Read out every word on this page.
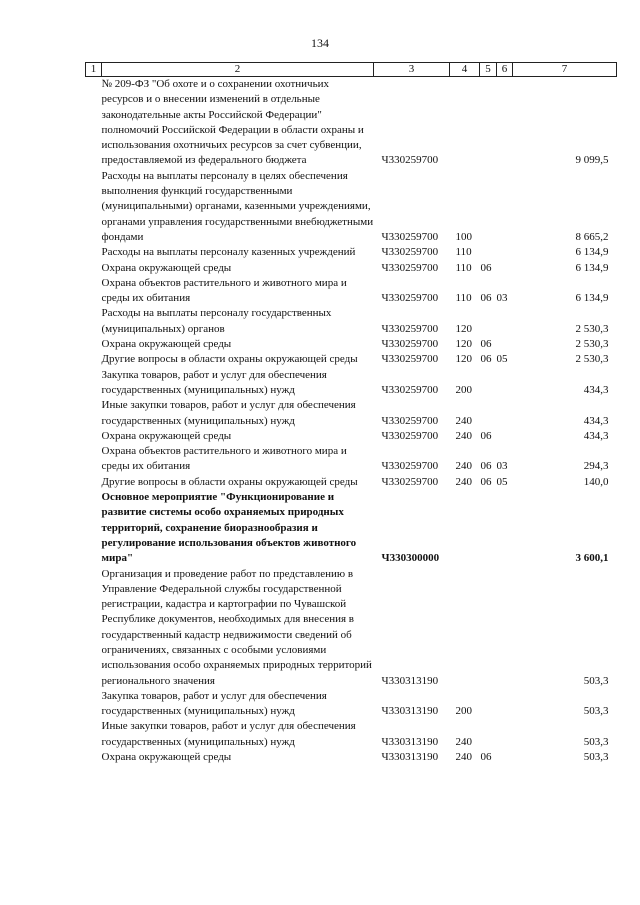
134
1	2	3	4	5	6	7
	№ 209-ФЗ "Об охоте и о сохранении охотничьих ресурсов и о внесении изменений в отдельные законодательные акты Российской Федерации" полномочий Российской Федерации в области охраны и использования охотничьих ресурсов за счет субвенции, предоставляемой из федерального бюджета	Ч330259700				9 099,5
	Расходы на выплаты персоналу в целях обеспечения выполнения функций государственными (муниципальными) органами, казенными учреждениями, органами управления государственными внебюджетными фондами	Ч330259700	100			8 665,2
	Расходы на выплаты персоналу казенных учреждений	Ч330259700	110			6 134,9
	Охрана окружающей среды	Ч330259700	110	06		6 134,9
	Охрана объектов растительного и животного мира и среды их обитания	Ч330259700	110	06	03	6 134,9
	Расходы на выплаты персоналу государственных (муниципальных) органов	Ч330259700	120			2 530,3
	Охрана окружающей среды	Ч330259700	120	06		2 530,3
	Другие вопросы в области охраны окружающей среды	Ч330259700	120	06	05	2 530,3
	Закупка товаров, работ и услуг для обеспечения государственных (муниципальных) нужд	Ч330259700	200			434,3
	Иные закупки товаров, работ и услуг для обеспечения государственных (муниципальных) нужд	Ч330259700	240			434,3
	Охрана окружающей среды	Ч330259700	240	06		434,3
	Охрана объектов растительного и животного мира и среды их обитания	Ч330259700	240	06	03	294,3
	Другие вопросы в области охраны окружающей среды	Ч330259700	240	06	05	140,0
	Основное мероприятие "Функционирование и развитие системы особо охраняемых природных территорий, сохранение биоразнообразия и регулирование использования объектов животного мира"	Ч330300000				3 600,1
	Организация и проведение работ по представлению в Управление Федеральной службы государственной регистрации, кадастра и картографии по Чувашской Республике документов, необходимых для внесения в государственный кадастр недвижимости сведений об ограничениях, связанных с особыми условиями использования особо охраняемых природных территорий регионального значения	Ч330313190				503,3
	Закупка товаров, работ и услуг для обеспечения государственных (муниципальных) нужд	Ч330313190	200			503,3
	Иные закупки товаров, работ и услуг для обеспечения государственных (муниципальных) нужд	Ч330313190	240			503,3
	Охрана окружающей среды	Ч330313190	240	06		503,3
